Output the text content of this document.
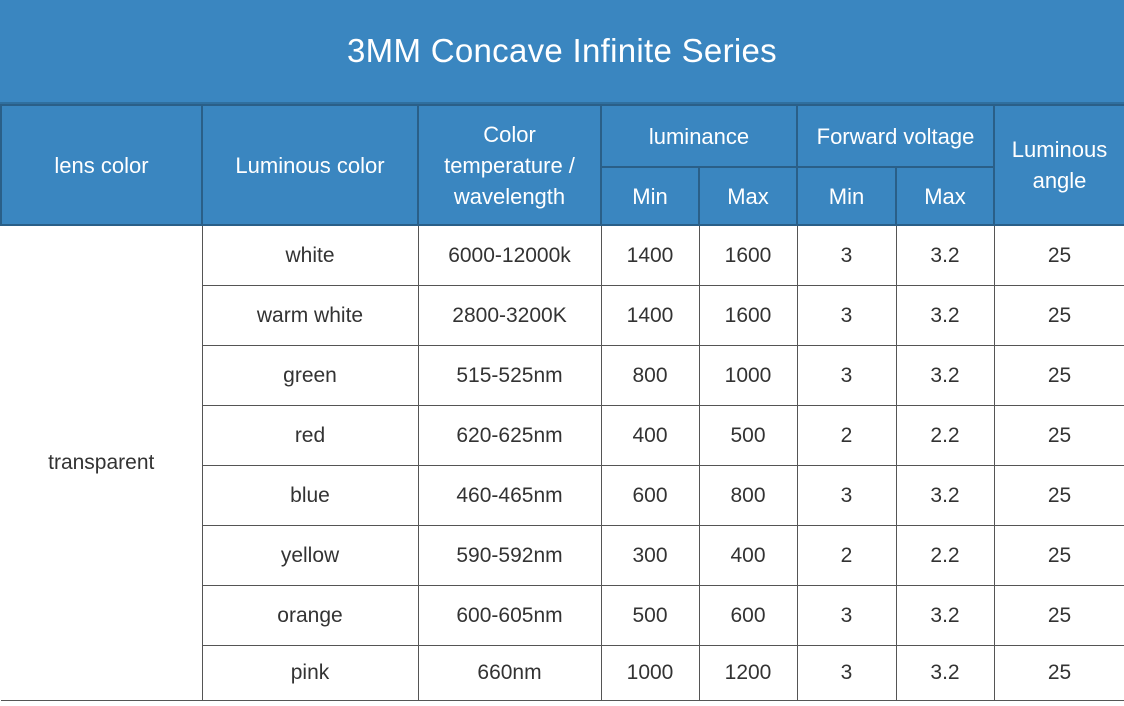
3MM Concave Infinite Series
lens color	Luminous color	Color temperature / wavelength	luminance		Forward voltage		Luminous angle
			Min	Max	Min	Max	
transparent	white	6000-12000k	1400	1600	3	3.2	25
	warm white	2800-3200K	1400	1600	3	3.2	25
	green	515-525nm	800	1000	3	3.2	25
	red	620-625nm	400	500	2	2.2	25
	blue	460-465nm	600	800	3	3.2	25
	yellow	590-592nm	300	400	2	2.2	25
	orange	600-605nm	500	600	3	3.2	25
	pink	660nm	1000	1200	3	3.2	25
